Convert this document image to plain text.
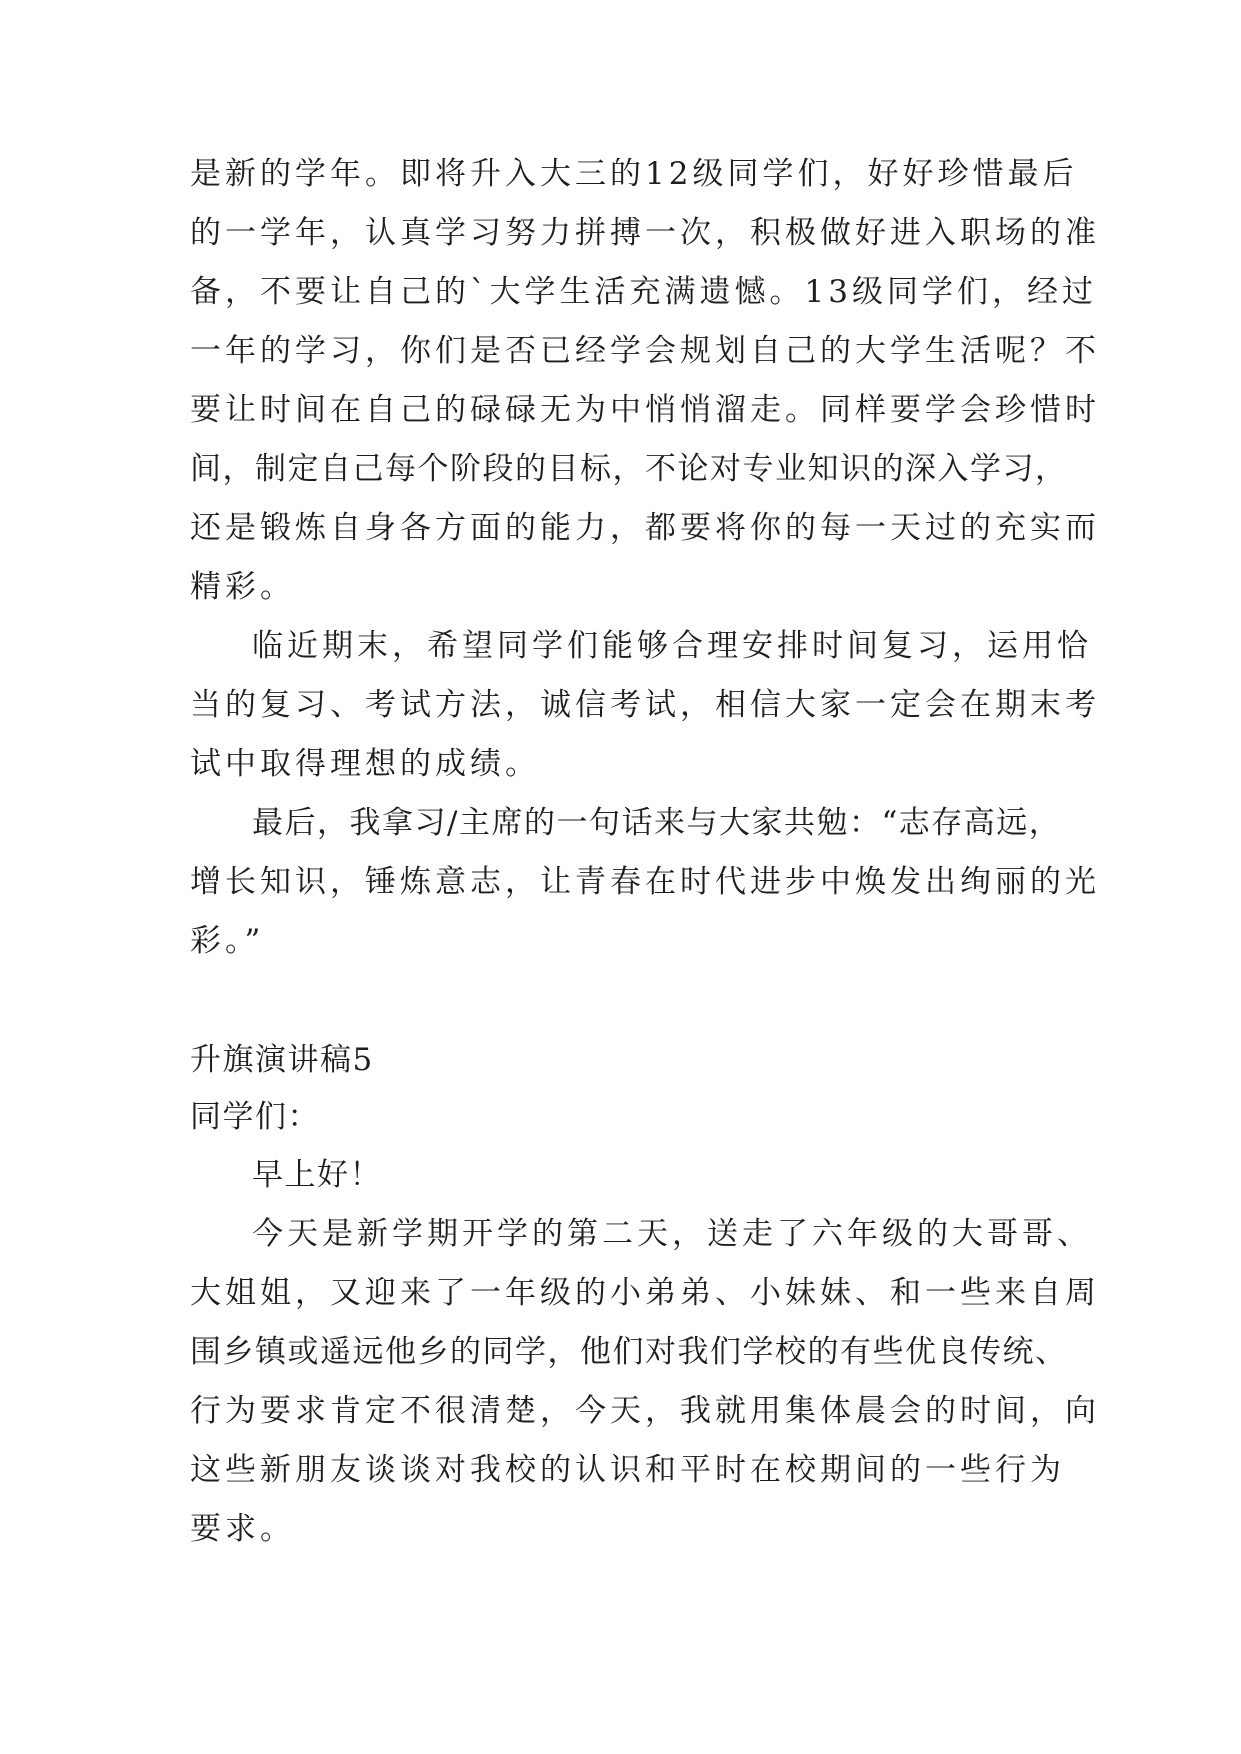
是新的学年。即将升入大三的12级同学们，好好珍惜最后
的一学年，认真学习努力拼搏一次，积极做好进入职场的准
备，不要让自己的`大学生活充满遗憾。13级同学们，经过
一年的学习，你们是否已经学会规划自己的大学生活呢？不
要让时间在自己的碌碌无为中悄悄溜走。同样要学会珍惜时
间，制定自己每个阶段的目标，不论对专业知识的深入学习，
还是锻炼自身各方面的能力，都要将你的每一天过的充实而
精彩。
临近期末，希望同学们能够合理安排时间复习，运用恰
当的复习、考试方法，诚信考试，相信大家一定会在期末考
试中取得理想的成绩。
最后，我拿习/主席的一句话来与大家共勉：“志存高远，
增长知识，锤炼意志，让青春在时代进步中焕发出绚丽的光
彩。”
升旗演讲稿5
同学们：
早上好！
今天是新学期开学的第二天，送走了六年级的大哥哥、
大姐姐，又迎来了一年级的小弟弟、小妹妹、和一些来自周
围乡镇或遥远他乡的同学，他们对我们学校的有些优良传统、
行为要求肯定不很清楚，今天，我就用集体晨会的时间，向
这些新朋友谈谈对我校的认识和平时在校期间的一些行为
要求。
